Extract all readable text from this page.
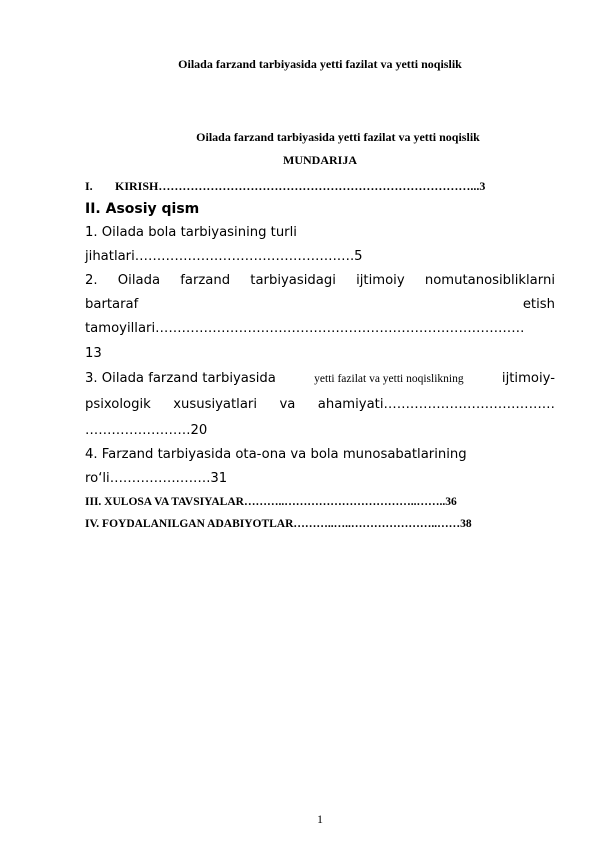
Oilada farzand tarbiyasida yetti fazilat va yetti noqislik
Oilada farzand tarbiyasida yetti fazilat va yetti noqislik
MUNDARIJA
I. KIRISH……………………………………………………………………...3
II. Asosiy qism
1. Oilada bola tarbiyasining turli
jihatlari……………………………………….….5
2. Oilada farzand tarbiyasidagi ijtimoiy nomutanosibliklarni
bartaraf	etish
tamoyillari…………………………………………………………………………
13
3. Oilada farzand tarbiyasida	yetti fazilat va yetti noqislikning	ijtimoiy-
psixologik xususiyatlari va ahamiyati…………………………………
……………………20
4. Farzand tarbiyasida ota-ona va bola munosabatlarining
ro‘li…………….…….31
III. XULOSA VA TAVSIYALAR………..……………………………..……..36
IV. FOYDALANILGAN ADABIYOTLAR………..…..…………………..……38
1
